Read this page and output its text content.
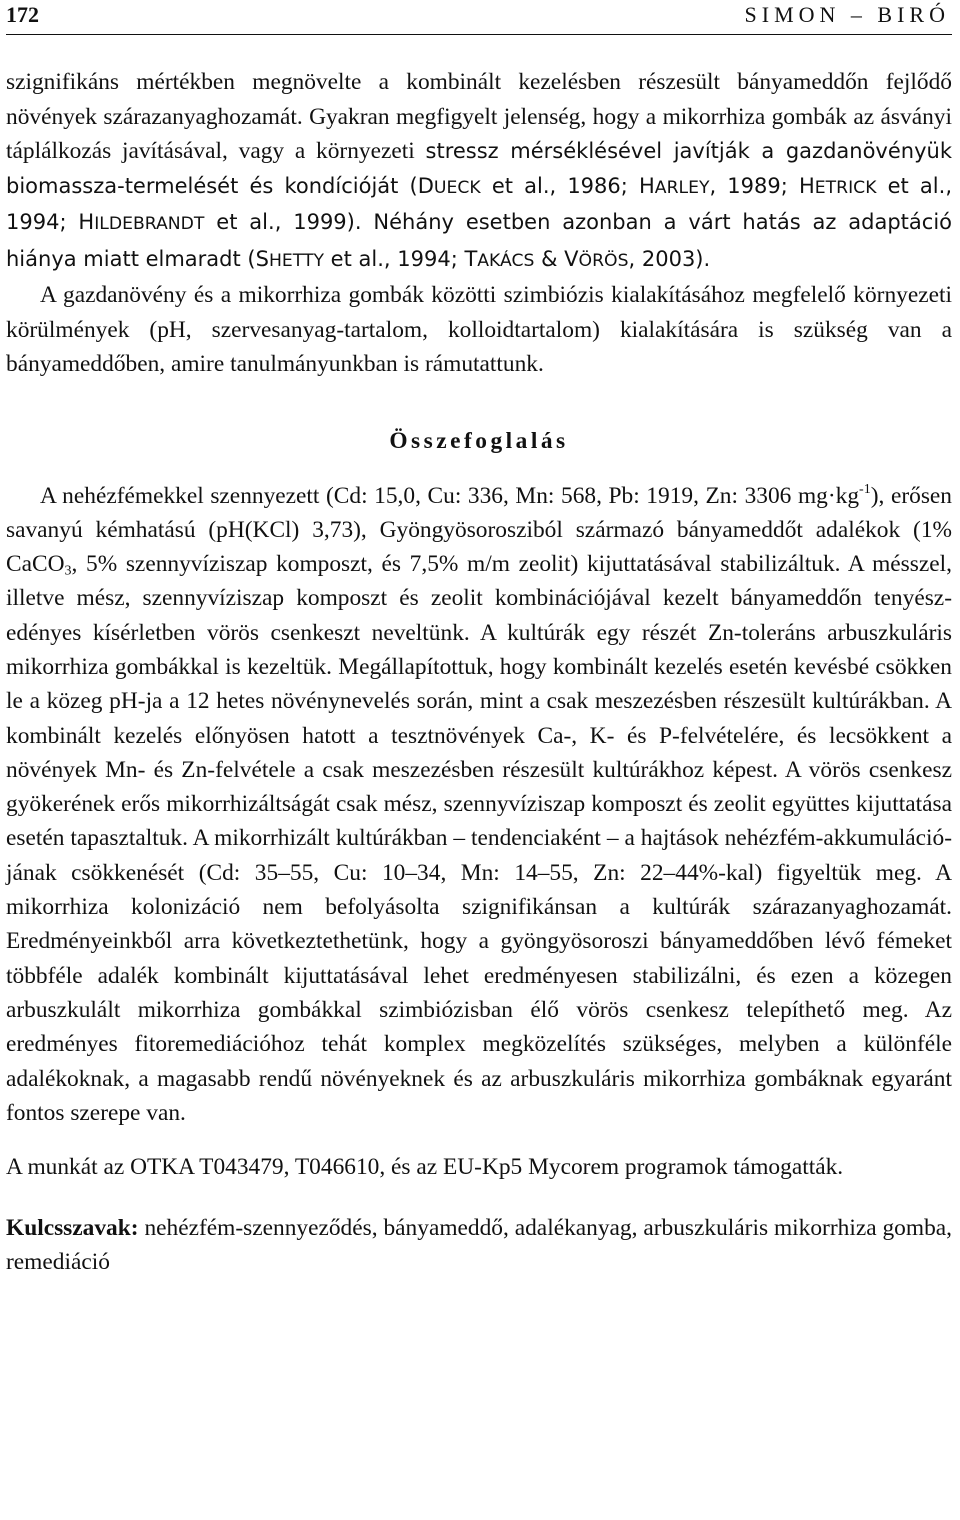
172	SIMON – BIRÓ

szignifikáns mértékben megnövelte a kombinált kezelésben részesült bányameddőn fejlődő növények szárazanyaghozamát. Gyakran megfigyelt jelenség, hogy a mikorrhiza gombák az ásványi táplálkozás javításával, vagy a környezeti stressz mérséklésével javítják a gazdanövényük biomassza-termelését és kondícióját (DUECK et al., 1986; HARLEY, 1989; HETRICK et al., 1994; HILDEBRANDT et al., 1999). Néhány esetben azonban a várt hatás az adaptáció hiánya miatt elmaradt (SHETTY et al., 1994; TAKÁCS & VÖRÖS, 2003).

A gazdanövény és a mikorrhiza gombák közötti szimbiózis kialakításához megfelelő környezeti körülmények (pH, szervesanyag-tartalom, kolloidtartalom) kialakítására is szükség van a bányameddőben, amire tanulmányunkban is rámutattunk.

Összefoglalás

A nehézfémekkel szennyezett (Cd: 15,0, Cu: 336, Mn: 568, Pb: 1919, Zn: 3306 $mg\cdot kg^{-1}$), erősen savanyú kémhatású (pH(KCl) 3,73), Gyöngyösorosziból származó bányameddőt adalékok (1% CaCO$_3$, 5% szennyvíziszap komposzt, és 7,5% m/m zeolit) kijuttatásával stabilizáltuk. A mésszel, illetve mész, szennyvíziszap komposzt és zeolit kombinációjával kezelt bányameddőn tenyészedényes kísérletben vörös csenkeszt neveltünk. A kultúrák egy részét Zn-toleráns arbuszkuláris mikorrhiza gombákkal is kezeltük. Megállapítottuk, hogy kombinált kezelés esetén kevésbé csökken le a közeg pH-ja a 12 hetes növénynevelés során, mint a csak meszezésben részesült kultúrákban. A kombinált kezelés előnyösen hatott a tesztnövények Ca-, K- és P-felvételére, és lecsökkent a növények Mn- és Zn-felvétele a csak meszezésben részesült kultúrákhoz képest. A vörös csenkesz gyökerének erős mikorrhizáltságát csak mész, szennyvíziszap komposzt és zeolit együttes kijuttatása esetén tapasztaltuk. A mikorrhizált kultúrákban – tendenciaként – a hajtások nehézfém-akkumulációjának csökkenését (Cd: 35–55, Cu: 10–34, Mn: 14–55, Zn: 22–44%-kal) figyeltük meg. A mikorrhiza kolonizáció nem befolyásolta szignifikánsan a kultúrák szárazanyaghozamát. Eredményeinkből arra következtethetünk, hogy a gyöngyösoroszi bányameddőben lévő fémeket többféle adalék kombinált kijuttatásával lehet eredményesen stabilizálni, és ezen a közegen arbuszkulált mikorrhiza gombákkal szimbiózisban élő vörös csenkesz telepíthető meg. Az eredményes fitoremediációhoz tehát komplex megközelítés szükséges, melyben a különféle adalékoknak, a magasabb rendű növényeknek és az arbuszkuláris mikorrhiza gombáknak egyaránt fontos szerepe van.

A munkát az OTKA T043479, T046610, és az EU-Kp5 Mycorem programok támogatták.

Kulcsszavak: nehézfém-szennyeződés, bányameddő, adalékanyag, arbuszkuláris mikorrhiza gomba, remediáció
